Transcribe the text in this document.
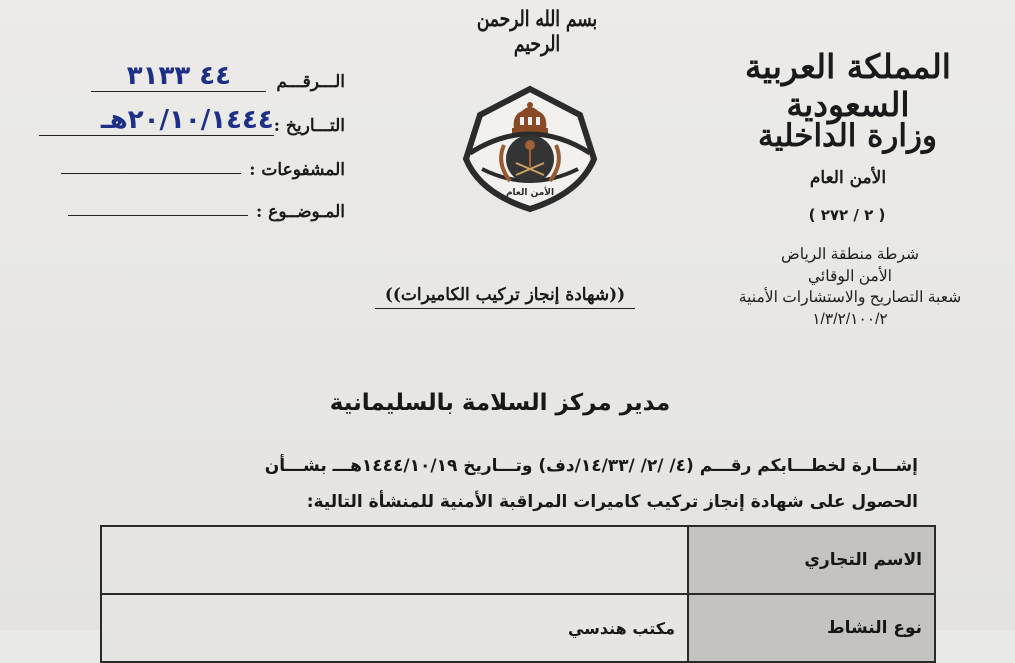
بسم الله الرحمن الرحيم
الأمن العام
المملكة العربية السعودية
وزارة الداخلية
الأمن العام
( ٢ / ٢٧٢ )
شرطة منطقة الرياض
الأمن الوقائي
شعبة التصاريح والاستشارات الأمنية
١/٣/٢/١٠٠/٢
الـــرقـــم
٤٤ ٣١٣٣
التـــاريخ :
٢٠/١٠/١٤٤٤هـ
المشفوعات :
المـوضــوع :
((شهادة إنجاز تركيب الكاميرات))
مدير مركز السلامة بالسليمانية
إشـــارة لخطـــابكم رقـــم (٤/ /٢/ /١٤/٣٣/دف) وتـــاريخ ١٤٤٤/١٠/١٩هـــ بشـــأن
الحصول على شهادة إنجاز تركيب كاميرات المراقبة الأمنية للمنشأة التالية:
الاسم التجاري	
نوع النشاط	مكتب هندسي
